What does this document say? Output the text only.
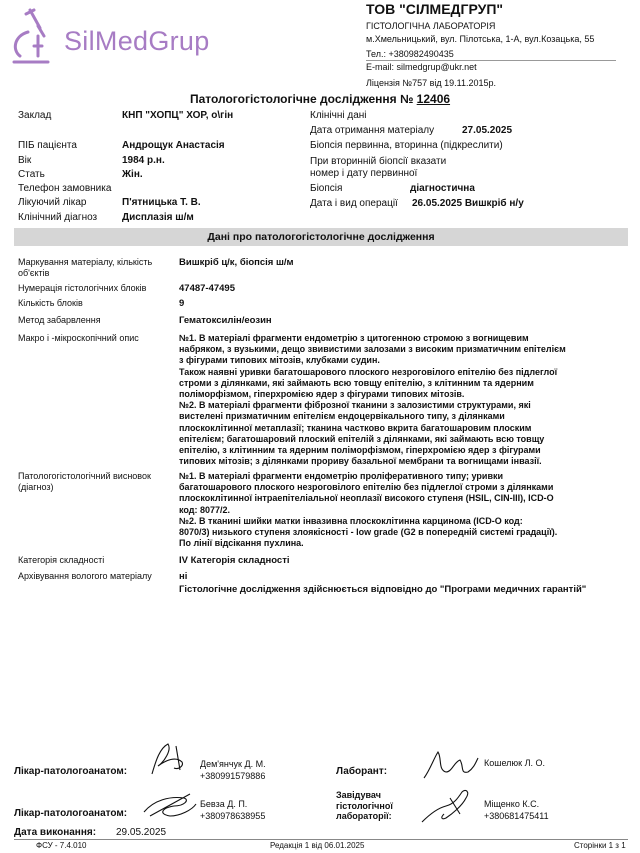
ЅilMedGrup
ТОВ "СІЛМЕДГРУП"
ГІСТОЛОГІЧНА ЛАБОРАТОРІЯ
м.Хмельницький, вул. Пілотська, 1-А, вул.Козацька, 55
Тел.: +380982490435
E-mail: silmedgrup@ukr.net
Ліцензія №757 від 19.11.2015р.
Патологогістологічне дослідження № 12406
Заклад	КНП "ХОПЦ" ХОР, о\гін
ПІБ пацієнта	Андрощук Анастасія
Вік	1984 р.н.
Стать	Жін.
Телефон замовника
Лікуючий лікар	П'ятницька Т. В.
Клінічний діагноз Дисплазія ш/м
Клінічні дані
Дата отримання матеріалу	27.05.2025
Біопсія первинна, вторинна (підкреслити)
При вторинній біопсії вказати
номер і дату первинної
Біопсія	діагностична
Дата і вид операції 26.05.2025 Вишкріб н/у
Дані про патологогістологічне дослідження
Маркування матеріалу, кількість
об'єктів
Вишкріб ц/к, біопсія ш/м
Нумерація гістологічних блоків	47487-47495
Кількість блоків	9
Метод забарвлення	Гематоксилін/еозин
Макро і -мікроскопічний опис	№1. В матеріалі фрагменти ендометрію з цитогенною стромою з вогнищевим
набряком, з вузькими, дещо звивистими залозами з високим призматичним епітелієм
з фігурами типових мітозів, клубками судин.
Також наявні уривки багатошарового плоского незроговілого епітелію без підлеглої
строми з ділянками, які займають всю товщу епітелію, з клітинним та ядерним
поліморфізмом, гіперхромією ядер з фігурами типових мітозів.
№2. В матеріалі фрагменти фіброзної тканини з залозистими структурами, які
вистелені призматичним епітелієм ендоцервікального типу, з ділянками
плоскоклітинної метаплазії; тканина частково вкрита багатошаровим плоским
епітелієм; багатошаровий плоский епітелій з ділянками, які займають всю товщу
епітелію, з клітинним та ядерним поліморфізмом, гіперхромією ядер з фігурами
типових мітозів; з ділянками прориву базальної мембрани та вогнищами інвазії.
Патологогістологічний висновок
(діагноз)
№1. В матеріалі фрагменти ендометрію проліферативного типу; уривки
багатошарового плоского незроговілого епітелію без підлеглої строми з ділянками
плоскоклітинної інтраепітеліальної неоплазії високого ступеня (HSIL, CIN-III), ICD-O
код: 8077/2.
№2. В тканині шийки матки інвазивна плоскоклітинна карцинома (ICD-O код:
8070/3) низького ступеня злоякісності - low grade (G2 в попередній системі градації).
По лінії відсікання пухлина.
Категорія складності	IV Категорія складності
Архівування вологого матеріалу	ні
Гістологічне дослідження здійснюється відповідно до "Програми медичних гарантій"
Лікар-патологоанатом:
Дем'янчук Д. М.
+380991579886
Лікар-патологоанатом:
Бевза Д. П.
+380978638955
Лаборант:
Кошелюк Л. О.
Завідувач
гістологічної
лабораторії:
Міщенко К.С.
+380681475411
Дата виконання: 29.05.2025
ФСУ - 7.4.010	Редакція 1 від 06.01.2025	Сторінки 1 з 1
